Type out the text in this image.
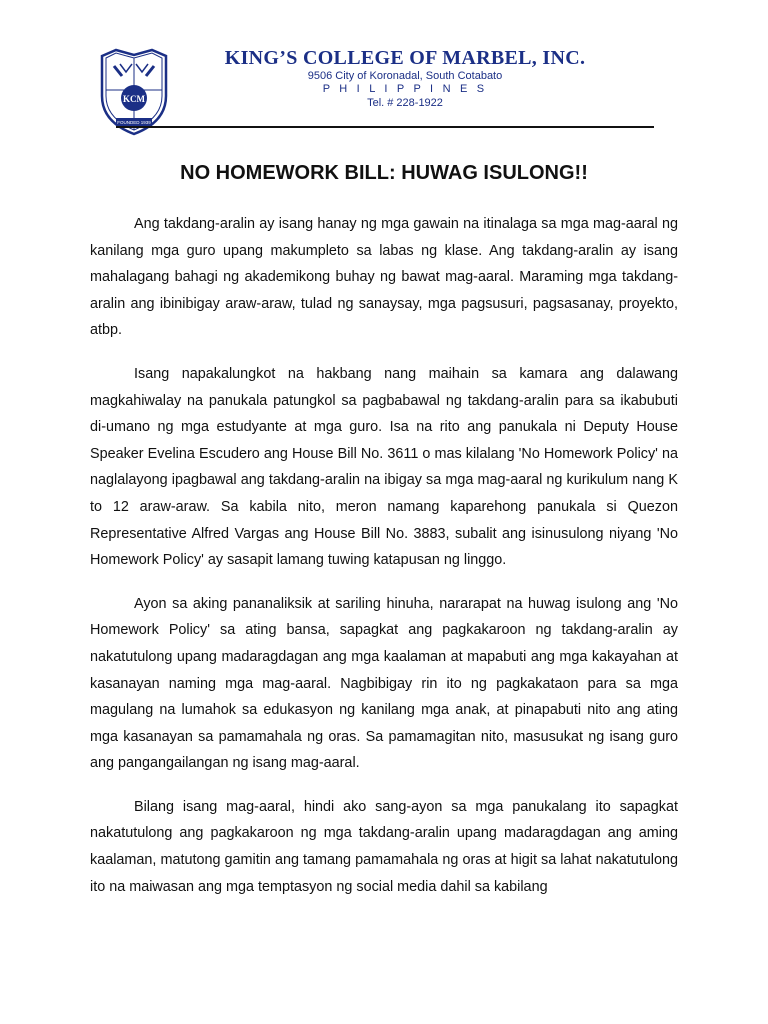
KCM
FOUNDED 1939
KING’S COLLEGE OF MARBEL, INC.
9506 City of Koronadal, South Cotabato
P H I L I P P I N E S
Tel. # 228-1922
NO HOMEWORK BILL: HUWAG ISULONG!!

Ang takdang-aralin ay isang hanay ng mga gawain na itinalaga sa mga mag-aaral ng kanilang mga guro upang makumpleto sa labas ng klase. Ang takdang-aralin ay isang mahalagang bahagi ng akademikong buhay ng bawat mag-aaral. Maraming mga takdang-aralin ang ibinibigay araw-araw, tulad ng sanaysay, mga pagsusuri, pagsasanay, proyekto, atbp.

Isang napakalungkot na hakbang nang maihain sa kamara ang dalawang magkahiwalay na panukala patungkol sa pagbabawal ng takdang-aralin para sa ikabubuti di-umano ng mga estudyante at mga guro. Isa na rito ang panukala ni Deputy House Speaker Evelina Escudero ang House Bill No. 3611 o mas kilalang 'No Homework Policy' na naglalayong ipagbawal ang takdang-aralin na ibigay sa mga mag-aaral ng kurikulum nang K to 12 araw-araw. Sa kabila nito, meron namang kaparehong panukala si Quezon Representative Alfred Vargas ang House Bill No. 3883, subalit ang isinusulong niyang 'No Homework Policy' ay sasapit lamang tuwing katapusan ng linggo.

Ayon sa aking pananaliksik at sariling hinuha, nararapat na huwag isulong ang 'No Homework Policy' sa ating bansa, sapagkat ang pagkakaroon ng takdang-aralin ay nakatutulong upang madaragdagan ang mga kaalaman at mapabuti ang mga kakayahan at kasanayan naming mga mag-aaral. Nagbibigay rin ito ng pagkakataon para sa mga magulang na lumahok sa edukasyon ng kanilang mga anak, at pinapabuti nito ang ating mga kasanayan sa pamamahala ng oras. Sa pamamagitan nito, masusukat ng isang guro ang pangangailangan ng isang mag-aaral.

Bilang isang mag-aaral, hindi ako sang-ayon sa mga panukalang ito sapagkat nakatutulong ang pagkakaroon ng mga takdang-aralin upang madaragdagan ang aming kaalaman, matutong gamitin ang tamang pamamahala ng oras at higit sa lahat nakatutulong ito na maiwasan ang mga temptasyon ng social media dahil sa kabilang
